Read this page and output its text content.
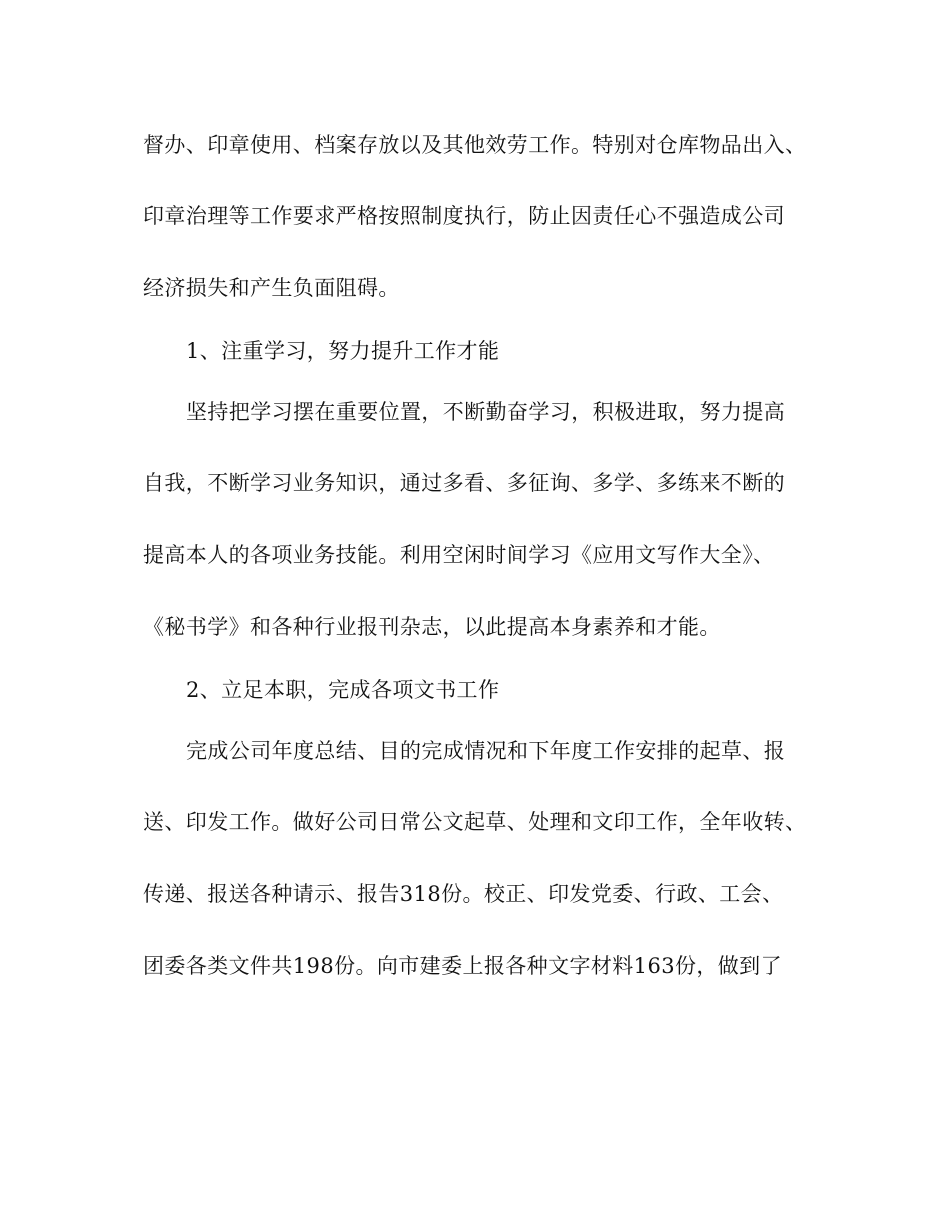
督办、印章使用、档案存放以及其他效劳工作。特别对仓库物品出入、
印章治理等工作要求严格按照制度执行，防止因责任心不强造成公司
经济损失和产生负面阻碍。
1、注重学习，努力提升工作才能
坚持把学习摆在重要位置，不断勤奋学习，积极进取，努力提高
自我，不断学习业务知识，通过多看、多征询、多学、多练来不断的
提高本人的各项业务技能。利用空闲时间学习《应用文写作大全》、
《秘书学》和各种行业报刊杂志，以此提高本身素养和才能。
2、立足本职，完成各项文书工作
完成公司年度总结、目的完成情况和下年度工作安排的起草、报
送、印发工作。做好公司日常公文起草、处理和文印工作，全年收转、
传递、报送各种请示、报告318份。校正、印发党委、行政、工会、
团委各类文件共198份。向市建委上报各种文字材料163份，做到了
